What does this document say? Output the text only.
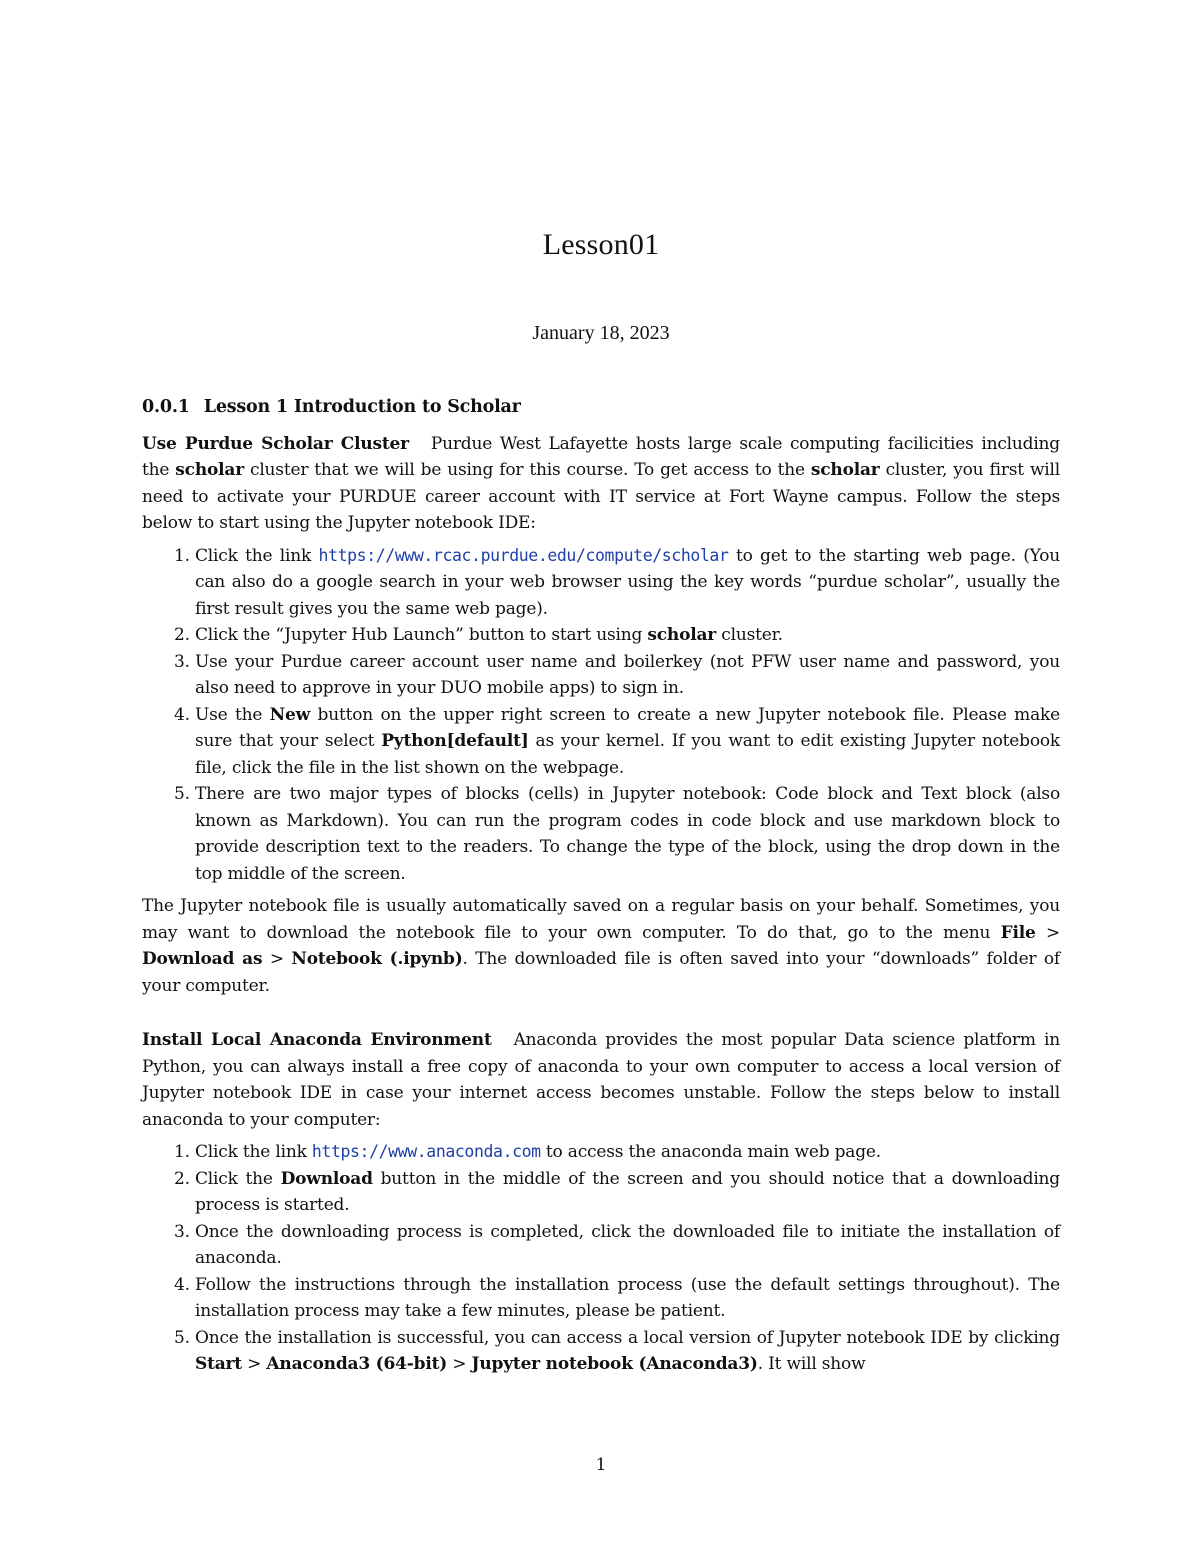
Lesson01
January 18, 2023
0.0.1 Lesson 1 Introduction to Scholar

Use Purdue Scholar Cluster Purdue West Lafayette hosts large scale computing facilicities including the scholar cluster that we will be using for this course. To get access to the scholar cluster, you first will need to activate your PURDUE career account with IT service at Fort Wayne campus. Follow the steps below to start using the Jupyter notebook IDE:

1. Click the link https://www.rcac.purdue.edu/compute/scholar to get to the starting web page. (You can also do a google search in your web browser using the key words “purdue scholar”, usually the first result gives you the same web page).
2. Click the “Jupyter Hub Launch” button to start using scholar cluster.
3. Use your Purdue career account user name and boilerkey (not PFW user name and password, you also need to approve in your DUO mobile apps) to sign in.
4. Use the New button on the upper right screen to create a new Jupyter notebook file. Please make sure that your select Python[default] as your kernel. If you want to edit existing Jupyter notebook file, click the file in the list shown on the webpage.
5. There are two major types of blocks (cells) in Jupyter notebook: Code block and Text block (also known as Markdown). You can run the program codes in code block and use markdown block to provide description text to the readers. To change the type of the block, using the drop down in the top middle of the screen.

The Jupyter notebook file is usually automatically saved on a regular basis on your behalf. Sometimes, you may want to download the notebook file to your own computer. To do that, go to the menu File > Download as > Notebook (.ipynb). The downloaded file is often saved into your “downloads” folder of your computer.

Install Local Anaconda Environment Anaconda provides the most popular Data science platform in Python, you can always install a free copy of anaconda to your own computer to access a local version of Jupyter notebook IDE in case your internet access becomes unstable. Follow the steps below to install anaconda to your computer:

1. Click the link https://www.anaconda.com to access the anaconda main web page.
2. Click the Download button in the middle of the screen and you should notice that a downloading process is started.
3. Once the downloading process is completed, click the downloaded file to initiate the installation of anaconda.
4. Follow the instructions through the installation process (use the default settings throughout). The installation process may take a few minutes, please be patient.
5. Once the installation is successful, you can access a local version of Jupyter notebook IDE by clicking Start > Anaconda3 (64-bit) > Jupyter notebook (Anaconda3). It will show
1
